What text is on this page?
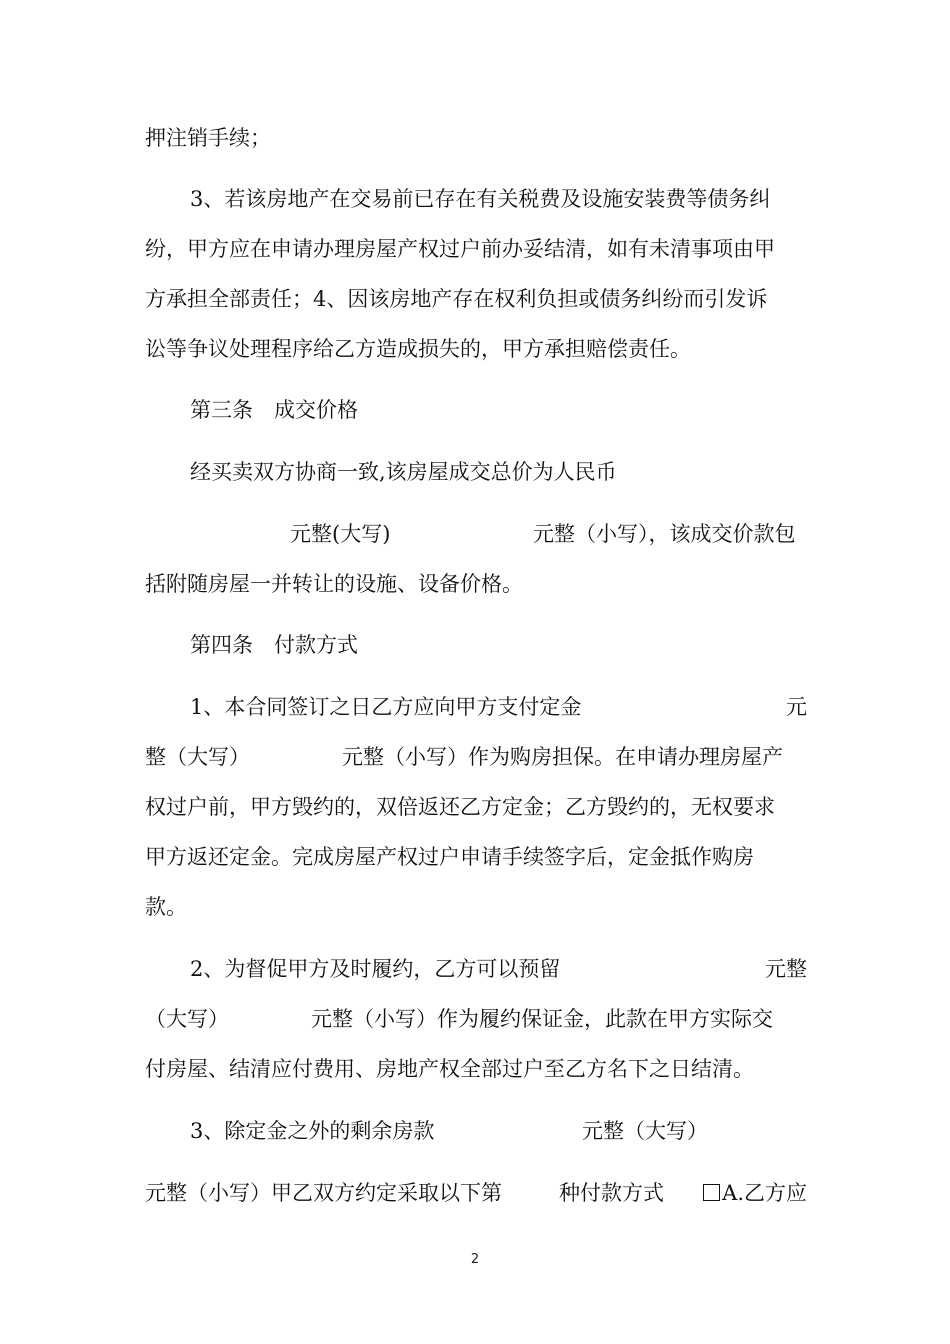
押注销手续；
3、若该房地产在交易前已存在有关税费及设施安装费等债务纠
纷，甲方应在申请办理房屋产权过户前办妥结清，如有未清事项由甲
方承担全部责任；4、因该房地产存在权利负担或债务纠纷而引发诉
讼等争议处理程序给乙方造成损失的，甲方承担赔偿责任。
第三条　成交价格
经买卖双方协商一致,该房屋成交总价为人民币
元整(大写)	元整（小写），该成交价款包
括附随房屋一并转让的设施、设备价格。
第四条　付款方式
1、本合同签订之日乙方应向甲方支付定金	元
整（大写）	元整（小写）作为购房担保。在申请办理房屋产
权过户前，甲方毁约的，双倍返还乙方定金；乙方毁约的，无权要求
甲方返还定金。完成房屋产权过户申请手续签字后，定金抵作购房
款。
2、为督促甲方及时履约，乙方可以预留	元整
（大写）	元整（小写）作为履约保证金，此款在甲方实际交
付房屋、结清应付费用、房地产权全部过户至乙方名下之日结清。
3、除定金之外的剩余房款	元整（大写）
元整（小写）甲乙双方约定采取以下第	种付款方式	A.乙方应
2
